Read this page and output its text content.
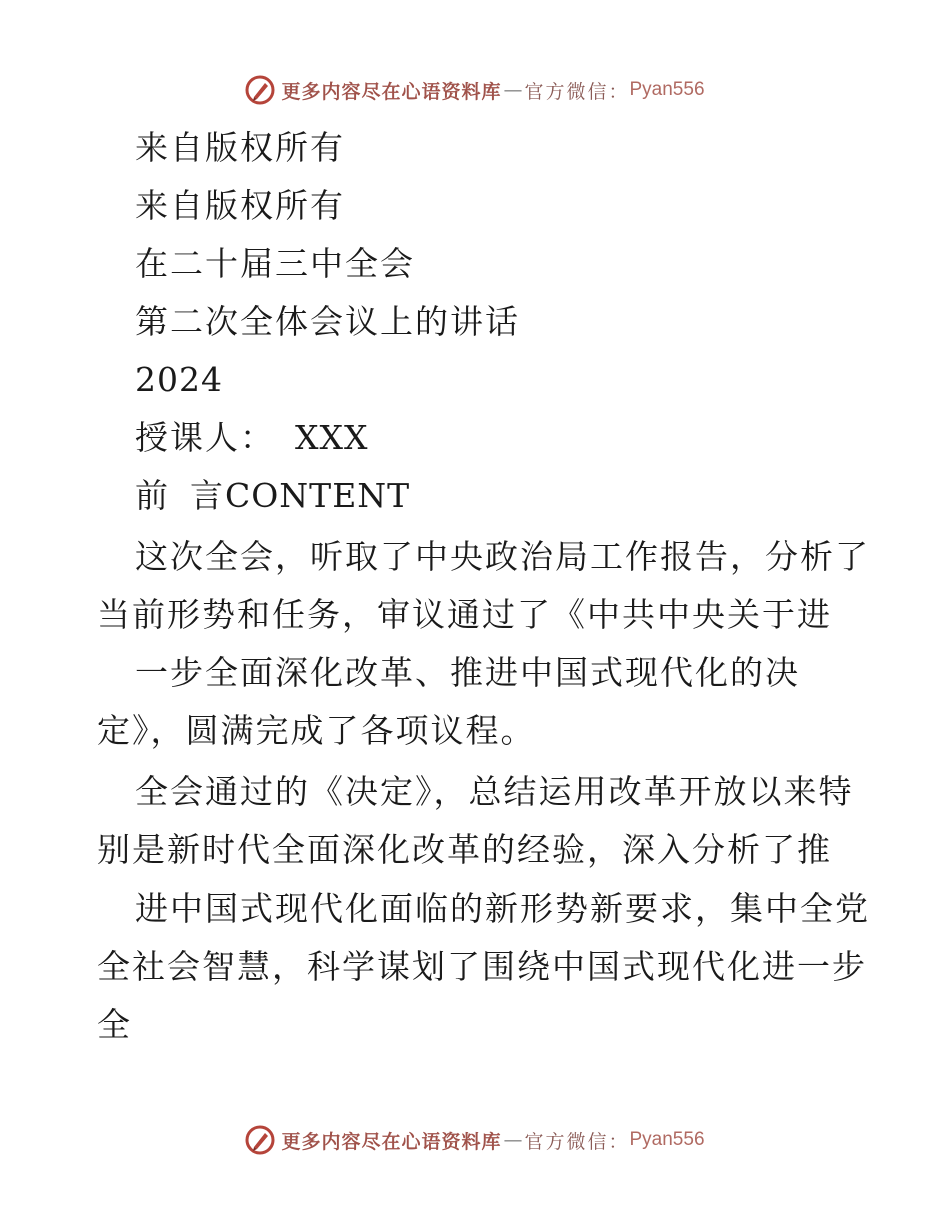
更多内容尽在心语资料库 — 官方微信： Pyan556
来自版权所有
来自版权所有
在二十届三中全会
第二次全体会议上的讲话
2024
授课人： XXX
前 言CONTENT
这次全会，听取了中央政治局工作报告，分析了
当前形势和任务，审议通过了《中共中央关于进
一步全面深化改革、推进中国式现代化的决
定》，圆满完成了各项议程。
全会通过的《决定》，总结运用改革开放以来特
别是新时代全面深化改革的经验，深入分析了推
进中国式现代化面临的新形势新要求，集中全党
全社会智慧，科学谋划了围绕中国式现代化进一步
全
更多内容尽在心语资料库 — 官方微信： Pyan556
